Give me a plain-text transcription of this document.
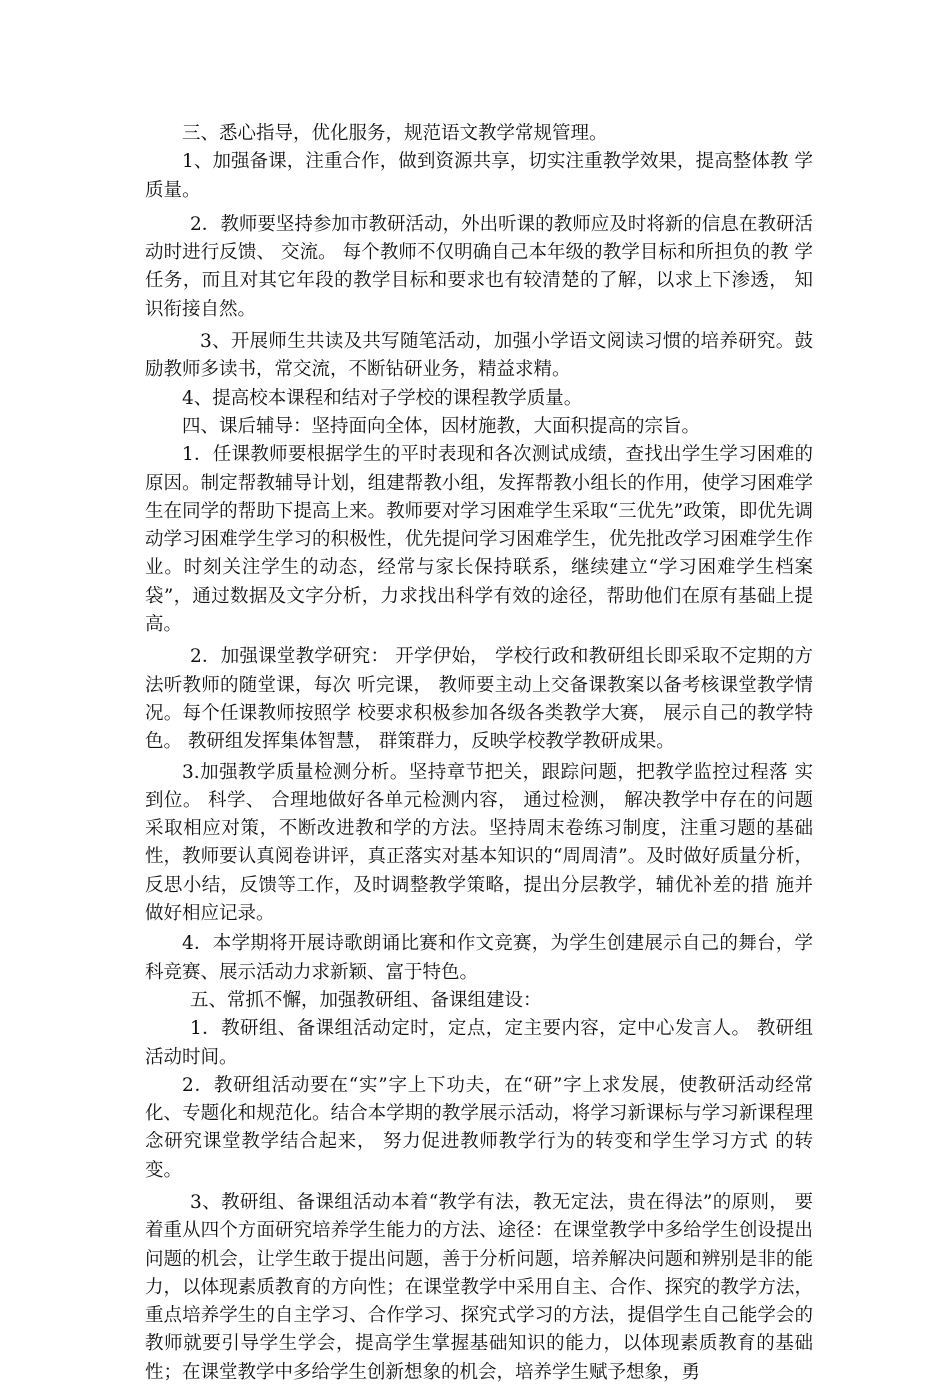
三、悉心指导，优化服务，规范语文教学常规管理。

1、加强备课，注重合作，做到资源共享，切实注重教学效果，提高整体教 学质量。

2．教师要坚持参加市教研活动，外出听课的教师应及时将新的信息在教研活动时进行反馈、 交流。 每个教师不仅明确自己本年级的教学目标和所担负的教 学任务，而且对其它年段的教学目标和要求也有较清楚的了解，以求上下渗透， 知识衔接自然。

3、开展师生共读及共写随笔活动，加强小学语文阅读习惯的培养研究。鼓励教师多读书，常交流，不断钻研业务，精益求精。

4、提高校本课程和结对子学校的课程教学质量。

四、课后辅导：坚持面向全体，因材施教，大面积提高的宗旨。

1．任课教师要根据学生的平时表现和各次测试成绩，查找出学生学习困难的原因。制定帮教辅导计划，组建帮教小组，发挥帮教小组长的作用，使学习困难学生在同学的帮助下提高上来。教师要对学习困难学生采取“三优先”政策，即优先调动学习困难学生学习的积极性，优先提问学习困难学生，优先批改学习困难学生作业。时刻关注学生的动态，经常与家长保持联系，继续建立“学习困难学生档案袋”，通过数据及文字分析，力求找出科学有效的途径，帮助他们在原有基础上提高。

2．加强课堂教学研究： 开学伊始， 学校行政和教研组长即采取不定期的方法听教师的随堂课，每次 听完课， 教师要主动上交备课教案以备考核课堂教学情况。每个任课教师按照学 校要求积极参加各级各类教学大赛， 展示自己的教学特色。 教研组发挥集体智慧， 群策群力，反映学校教学教研成果。

3.加强教学质量检测分析。坚持章节把关，跟踪问题，把教学监控过程落 实到位。 科学、 合理地做好各单元检测内容， 通过检测， 解决教学中存在的问题 采取相应对策，不断改进教和学的方法。坚持周末卷练习制度，注重习题的基础性，教师要认真阅卷讲评，真正落实对基本知识的“周周清”。及时做好质量分析，反思小结，反馈等工作，及时调整教学策略，提出分层教学，辅优补差的措 施并做好相应记录。

4．本学期将开展诗歌朗诵比赛和作文竞赛，为学生创建展示自己的舞台，学科竞赛、展示活动力求新颖、富于特色。

五、常抓不懈，加强教研组、备课组建设：

1．教研组、备课组活动定时，定点，定主要内容，定中心发言人。 教研组活动时间。

2．教研组活动要在“实”字上下功夫，在“研”字上求发展，使教研活动经常化、专题化和规范化。结合本学期的教学展示活动，将学习新课标与学习新课程理念研究课堂教学结合起来， 努力促进教师教学行为的转变和学生学习方式 的转变。

3、教研组、备课组活动本着“教学有法，教无定法，贵在得法”的原则， 要着重从四个方面研究培养学生能力的方法、途径：在课堂教学中多给学生创设提出问题的机会，让学生敢于提出问题，善于分析问题，培养解决问题和辨别是非的能力，以体现素质教育的方向性；在课堂教学中采用自主、合作、探究的教学方法，重点培养学生的自主学习、合作学习、探究式学习的方法，提倡学生自己能学会的教师就要引导学生学会，提高学生掌握基础知识的能力，以体现素质教育的基础性；在课堂教学中多给学生创新想象的机会，培养学生赋予想象，勇
